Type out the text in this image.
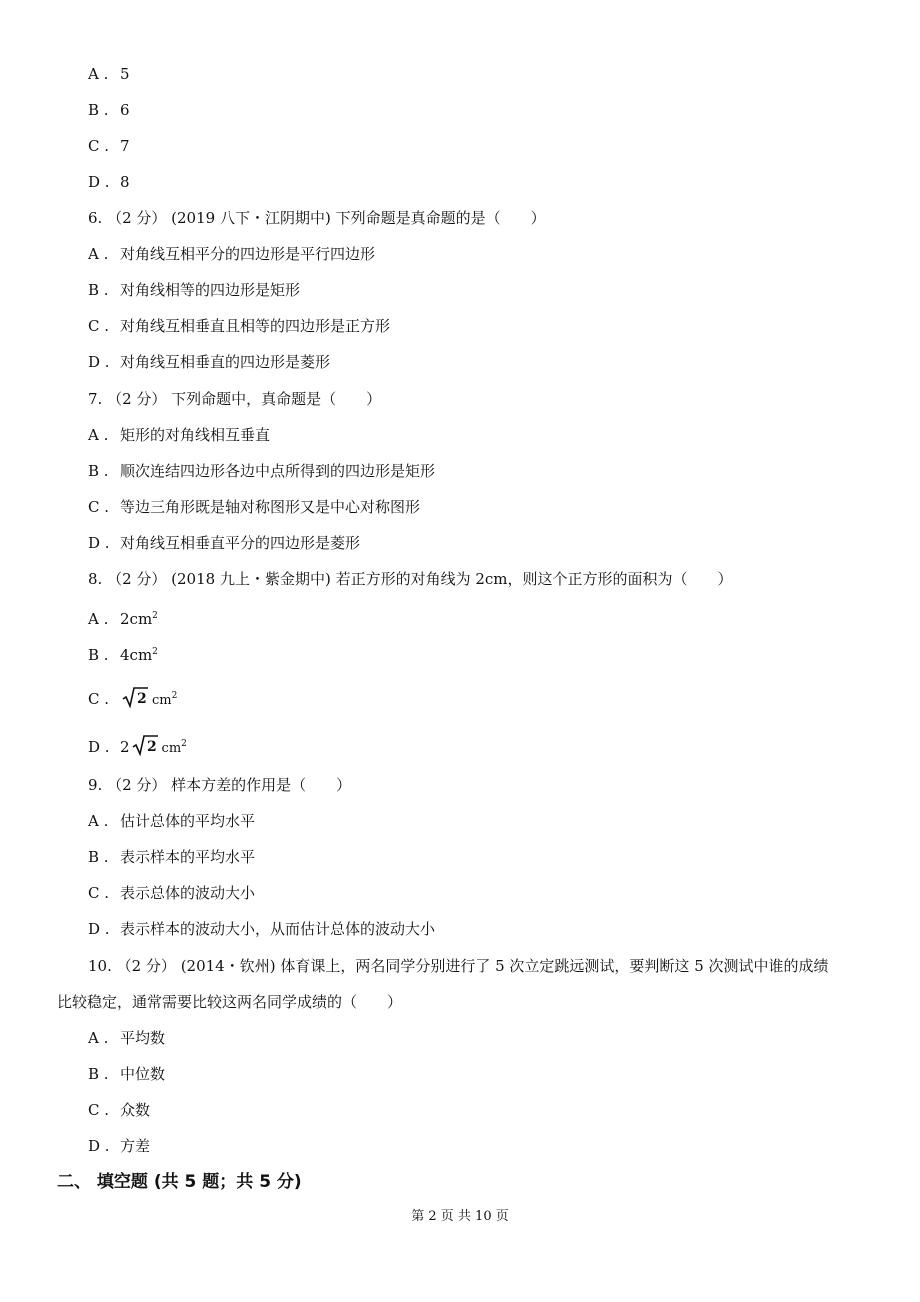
A . 5
B . 6
C . 7
D . 8
6. （2 分） (2019 八下・江阴期中) 下列命题是真命题的是（　　）
A . 对角线互相平分的四边形是平行四边形
B . 对角线相等的四边形是矩形
C . 对角线互相垂直且相等的四边形是正方形
D . 对角线互相垂直的四边形是菱形
7. （2 分） 下列命题中，真命题是（　　）
A . 矩形的对角线相互垂直
B . 顺次连结四边形各边中点所得到的四边形是矩形
C . 等边三角形既是轴对称图形又是中心对称图形
D . 对角线互相垂直平分的四边形是菱形
8. （2 分） (2018 九上・紫金期中) 若正方形的对角线为 2cm，则这个正方形的面积为（　　）
A . $2cm^2$
B . $4cm^2$
C . 2 $cm^2$
D . 2 2 $cm^2$
9. （2 分） 样本方差的作用是（　　）
A . 估计总体的平均水平
B . 表示样本的平均水平
C . 表示总体的波动大小
D . 表示样本的波动大小，从而估计总体的波动大小
10. （2 分） (2014・钦州) 体育课上，两名同学分别进行了 5 次立定跳远测试，要判断这 5 次测试中谁的成绩
比较稳定，通常需要比较这两名同学成绩的（　　）
A . 平均数
B . 中位数
C . 众数
D . 方差
二、 填空题 (共 5 题；共 5 分)
第 2 页 共 10 页
